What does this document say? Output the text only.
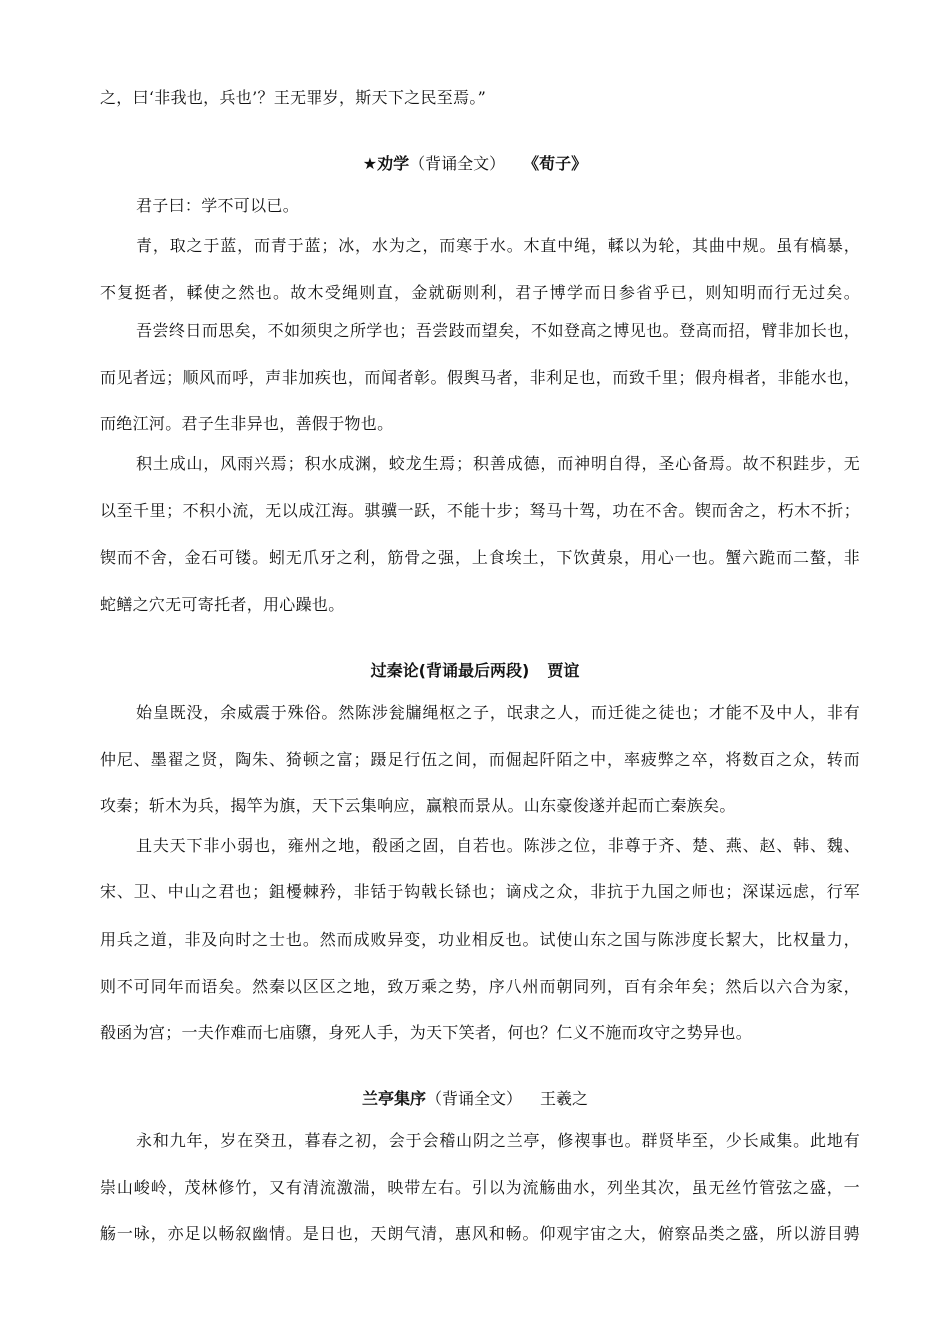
之，曰‘非我也，兵也’？王无罪岁，斯天下之民至焉。”
★劝学（背诵全文） 《荀子》
君子曰：学不可以已。
青，取之于蓝，而青于蓝；冰，水为之，而寒于水。木直中绳，輮以为轮，其曲中规。虽有槁暴，
不复挺者，輮使之然也。故木受绳则直，金就砺则利，君子博学而日参省乎已，则知明而行无过矣。
吾尝终日而思矣，不如须臾之所学也；吾尝跂而望矣，不如登高之博见也。登高而招，臂非加长也，
而见者远；顺风而呼，声非加疾也，而闻者彰。假舆马者，非利足也，而致千里；假舟楫者，非能水也，
而绝江河。君子生非异也，善假于物也。
积土成山，风雨兴焉；积水成渊，蛟龙生焉；积善成德，而神明自得，圣心备焉。故不积跬步，无
以至千里；不积小流，无以成江海。骐骥一跃，不能十步；驽马十驾，功在不舍。锲而舍之，朽木不折；
锲而不舍，金石可镂。蚓无爪牙之利，筋骨之强，上食埃土，下饮黄泉，用心一也。蟹六跪而二螯，非
蛇鳝之穴无可寄托者，用心躁也。
过秦论(背诵最后两段) 贾谊
始皇既没，余威震于殊俗。然陈涉瓮牖绳枢之子，氓隶之人，而迁徙之徒也；才能不及中人，非有
仲尼、墨翟之贤，陶朱、猗顿之富；蹑足行伍之间，而倔起阡陌之中，率疲弊之卒，将数百之众，转而
攻秦；斩木为兵，揭竿为旗，天下云集响应，赢粮而景从。山东豪俊遂并起而亡秦族矣。
且夫天下非小弱也，雍州之地，殽函之固，自若也。陈涉之位，非尊于齐、楚、燕、赵、韩、魏、
宋、卫、中山之君也；鉏櫌棘矜，非铦于钩戟长铩也；谪戍之众，非抗于九国之师也；深谋远虑，行军
用兵之道，非及向时之士也。然而成败异变，功业相反也。试使山东之国与陈涉度长絜大，比权量力，
则不可同年而语矣。然秦以区区之地，致万乘之势，序八州而朝同列，百有余年矣；然后以六合为家，
殽函为宫；一夫作难而七庙隳，身死人手，为天下笑者，何也？仁义不施而攻守之势异也。
兰亭集序（背诵全文） 王羲之
永和九年，岁在癸丑，暮春之初，会于会稽山阴之兰亭，修禊事也。群贤毕至，少长咸集。此地有
崇山峻岭，茂林修竹，又有清流激湍，映带左右。引以为流觞曲水，列坐其次，虽无丝竹管弦之盛，一
觞一咏，亦足以畅叙幽情。是日也，天朗气清，惠风和畅。仰观宇宙之大，俯察品类之盛，所以游目骋
